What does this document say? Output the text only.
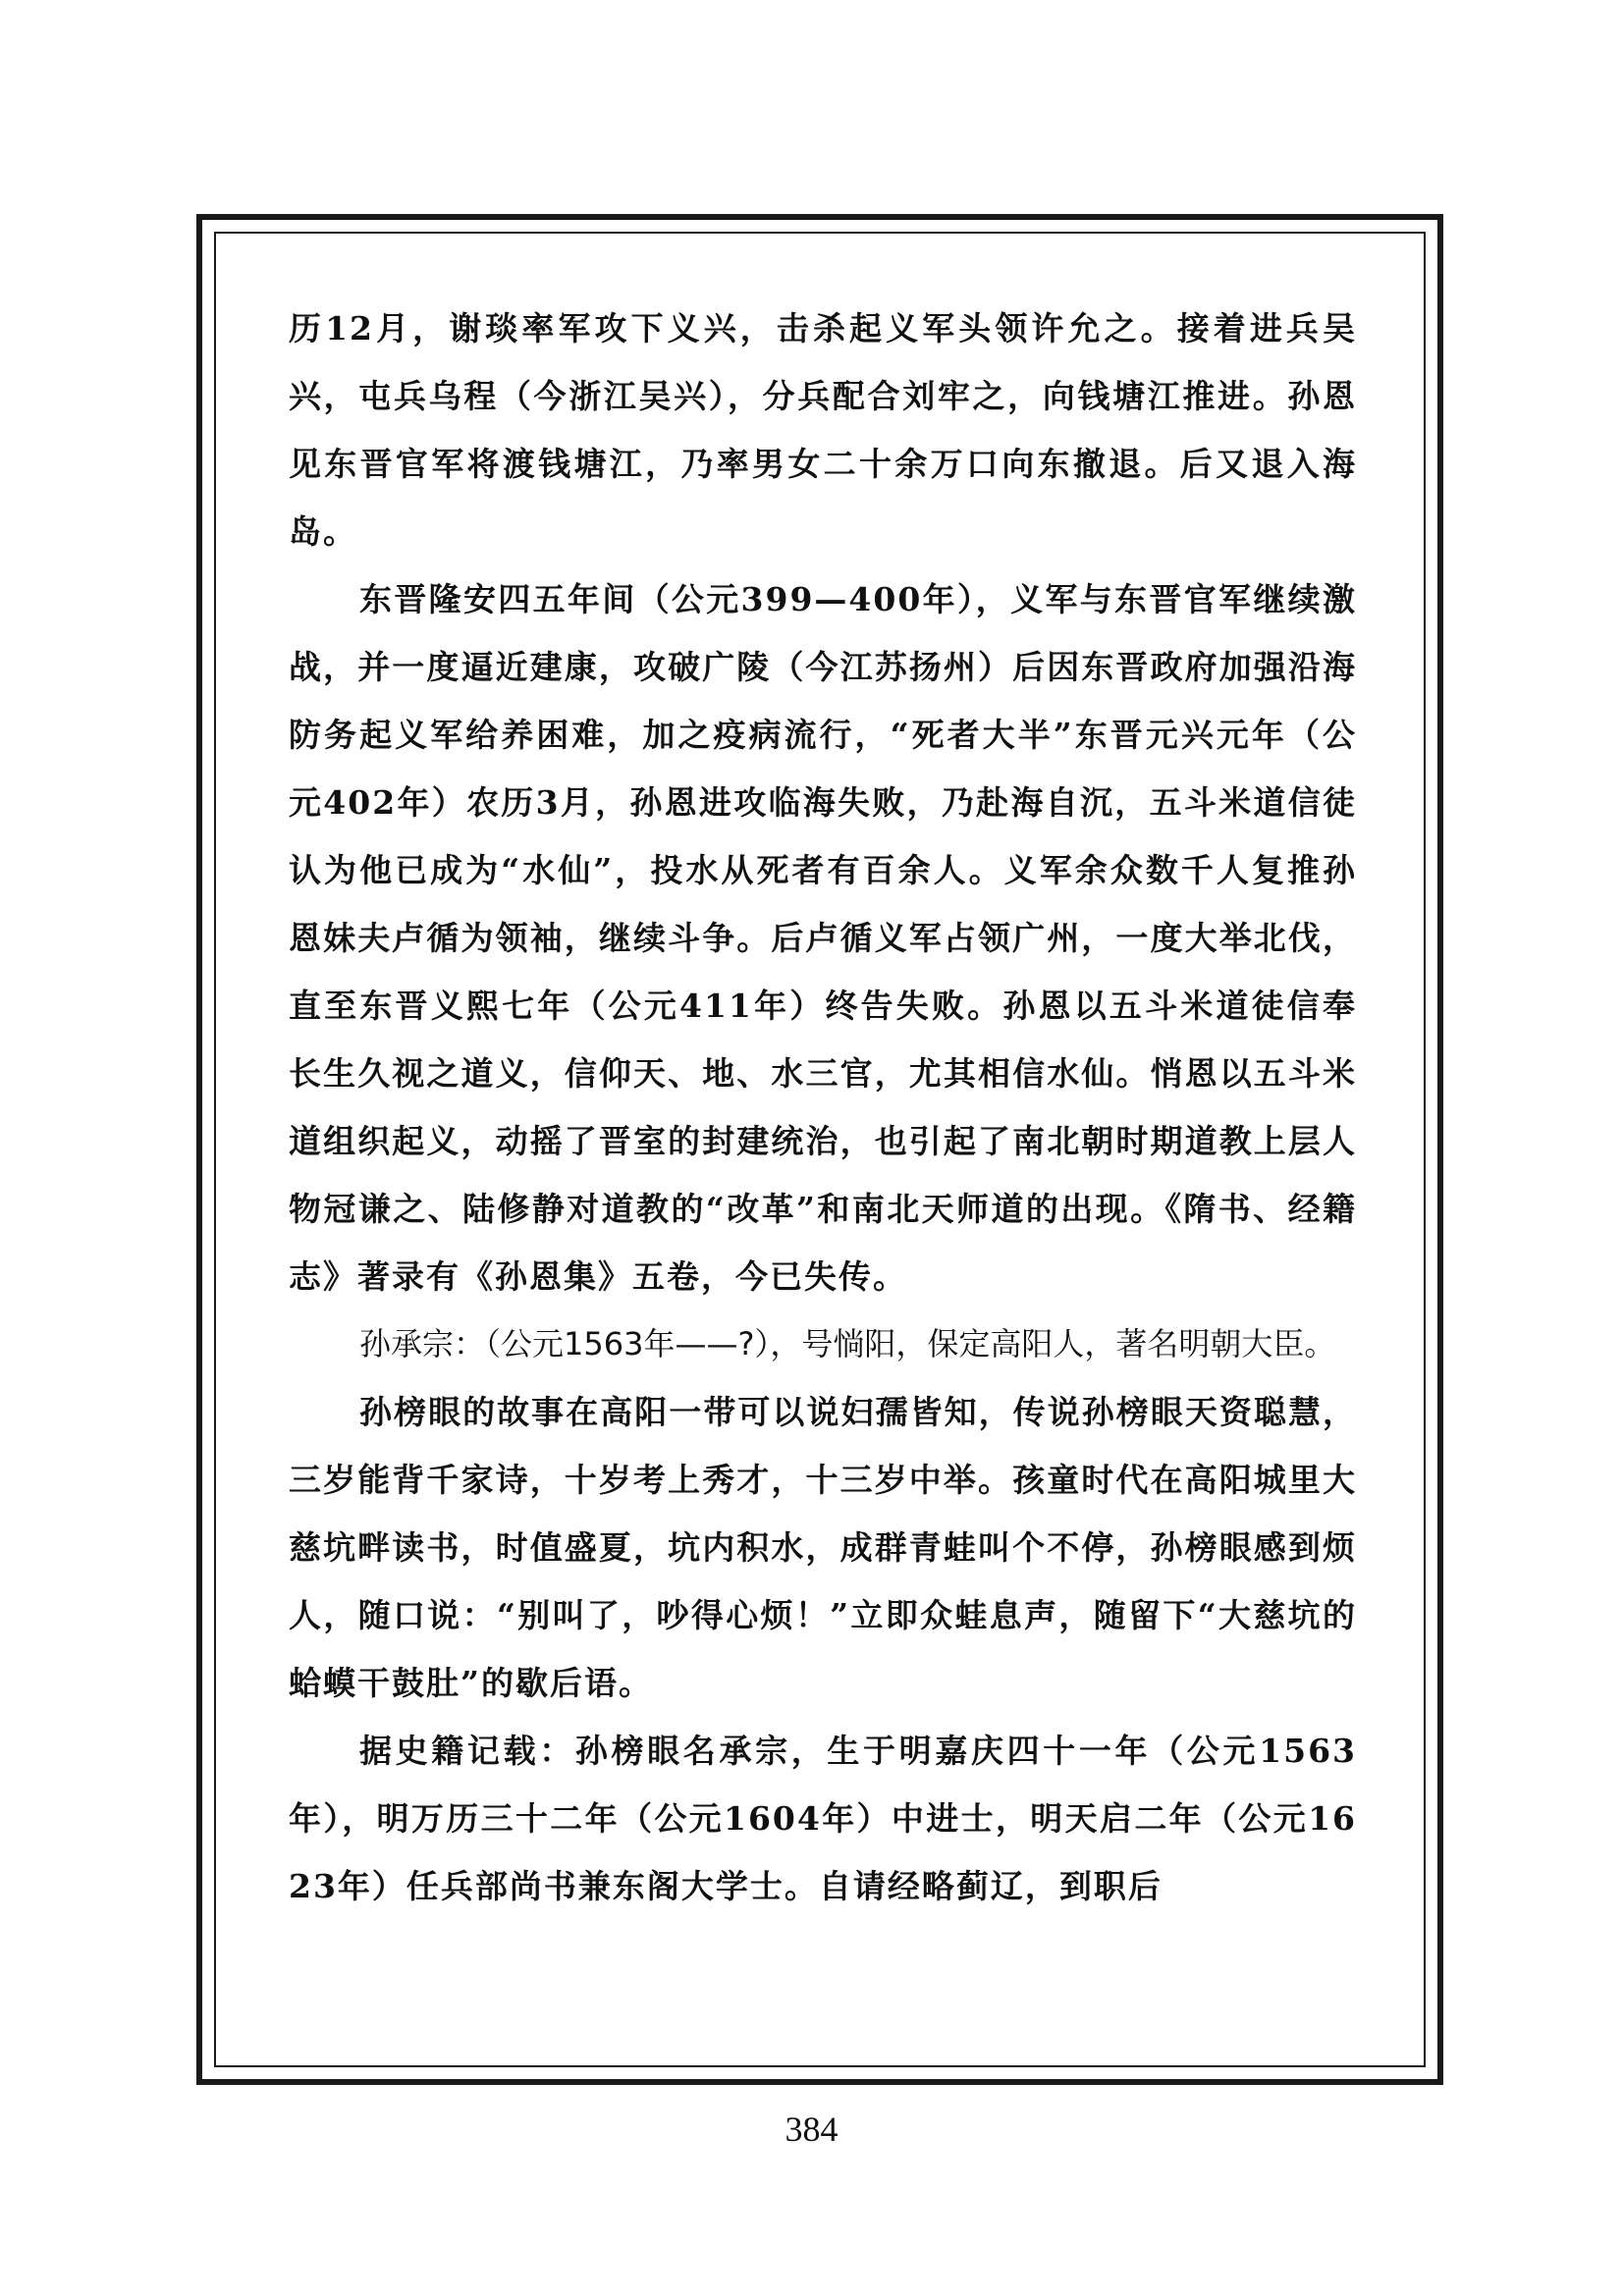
历12月，谢琰率军攻下义兴，击杀起义军头领许允之。接着进兵吴兴，屯兵乌程（今浙江吴兴），分兵配合刘牢之，向钱塘江推进。孙恩见东晋官军将渡钱塘江，乃率男女二十余万口向东撤退。后又退入海岛。

东晋隆安四五年间（公元399—400年），义军与东晋官军继续激战，并一度逼近建康，攻破广陵（今江苏扬州）后因东晋政府加强沿海防务起义军给养困难，加之疫病流行，“死者大半”东晋元兴元年（公元402年）农历3月，孙恩进攻临海失败，乃赴海自沉，五斗米道信徒认为他已成为“水仙”，投水从死者有百余人。义军余众数千人复推孙恩妹夫卢循为领袖，继续斗争。后卢循义军占领广州，一度大举北伐，直至东晋义熙七年（公元411年）终告失败。孙恩以五斗米道徒信奉长生久视之道义，信仰天、地、水三官，尤其相信水仙。悄恩以五斗米道组织起义，动摇了晋室的封建统治，也引起了南北朝时期道教上层人物冠谦之、陆修静对道教的“改革”和南北天师道的出现。《隋书、经籍志》著录有《孙恩集》五卷，今已失传。

孙承宗：（公元1563年——?），号惝阳，保定高阳人，著名明朝大臣。

孙榜眼的故事在高阳一带可以说妇孺皆知，传说孙榜眼天资聪慧，三岁能背千家诗，十岁考上秀才，十三岁中举。孩童时代在高阳城里大慈坑畔读书，时值盛夏，坑内积水，成群青蛙叫个不停，孙榜眼感到烦人，随口说：“别叫了，吵得心烦！”立即众蛙息声，随留下“大慈坑的蛤蟆干鼓肚”的歇后语。

据史籍记载：孙榜眼名承宗，生于明嘉庆四十一年（公元1563年），明万历三十二年（公元1604年）中进士，明天启二年（公元1623年）任兵部尚书兼东阁大学士。自请经略蓟辽，到职后

384
